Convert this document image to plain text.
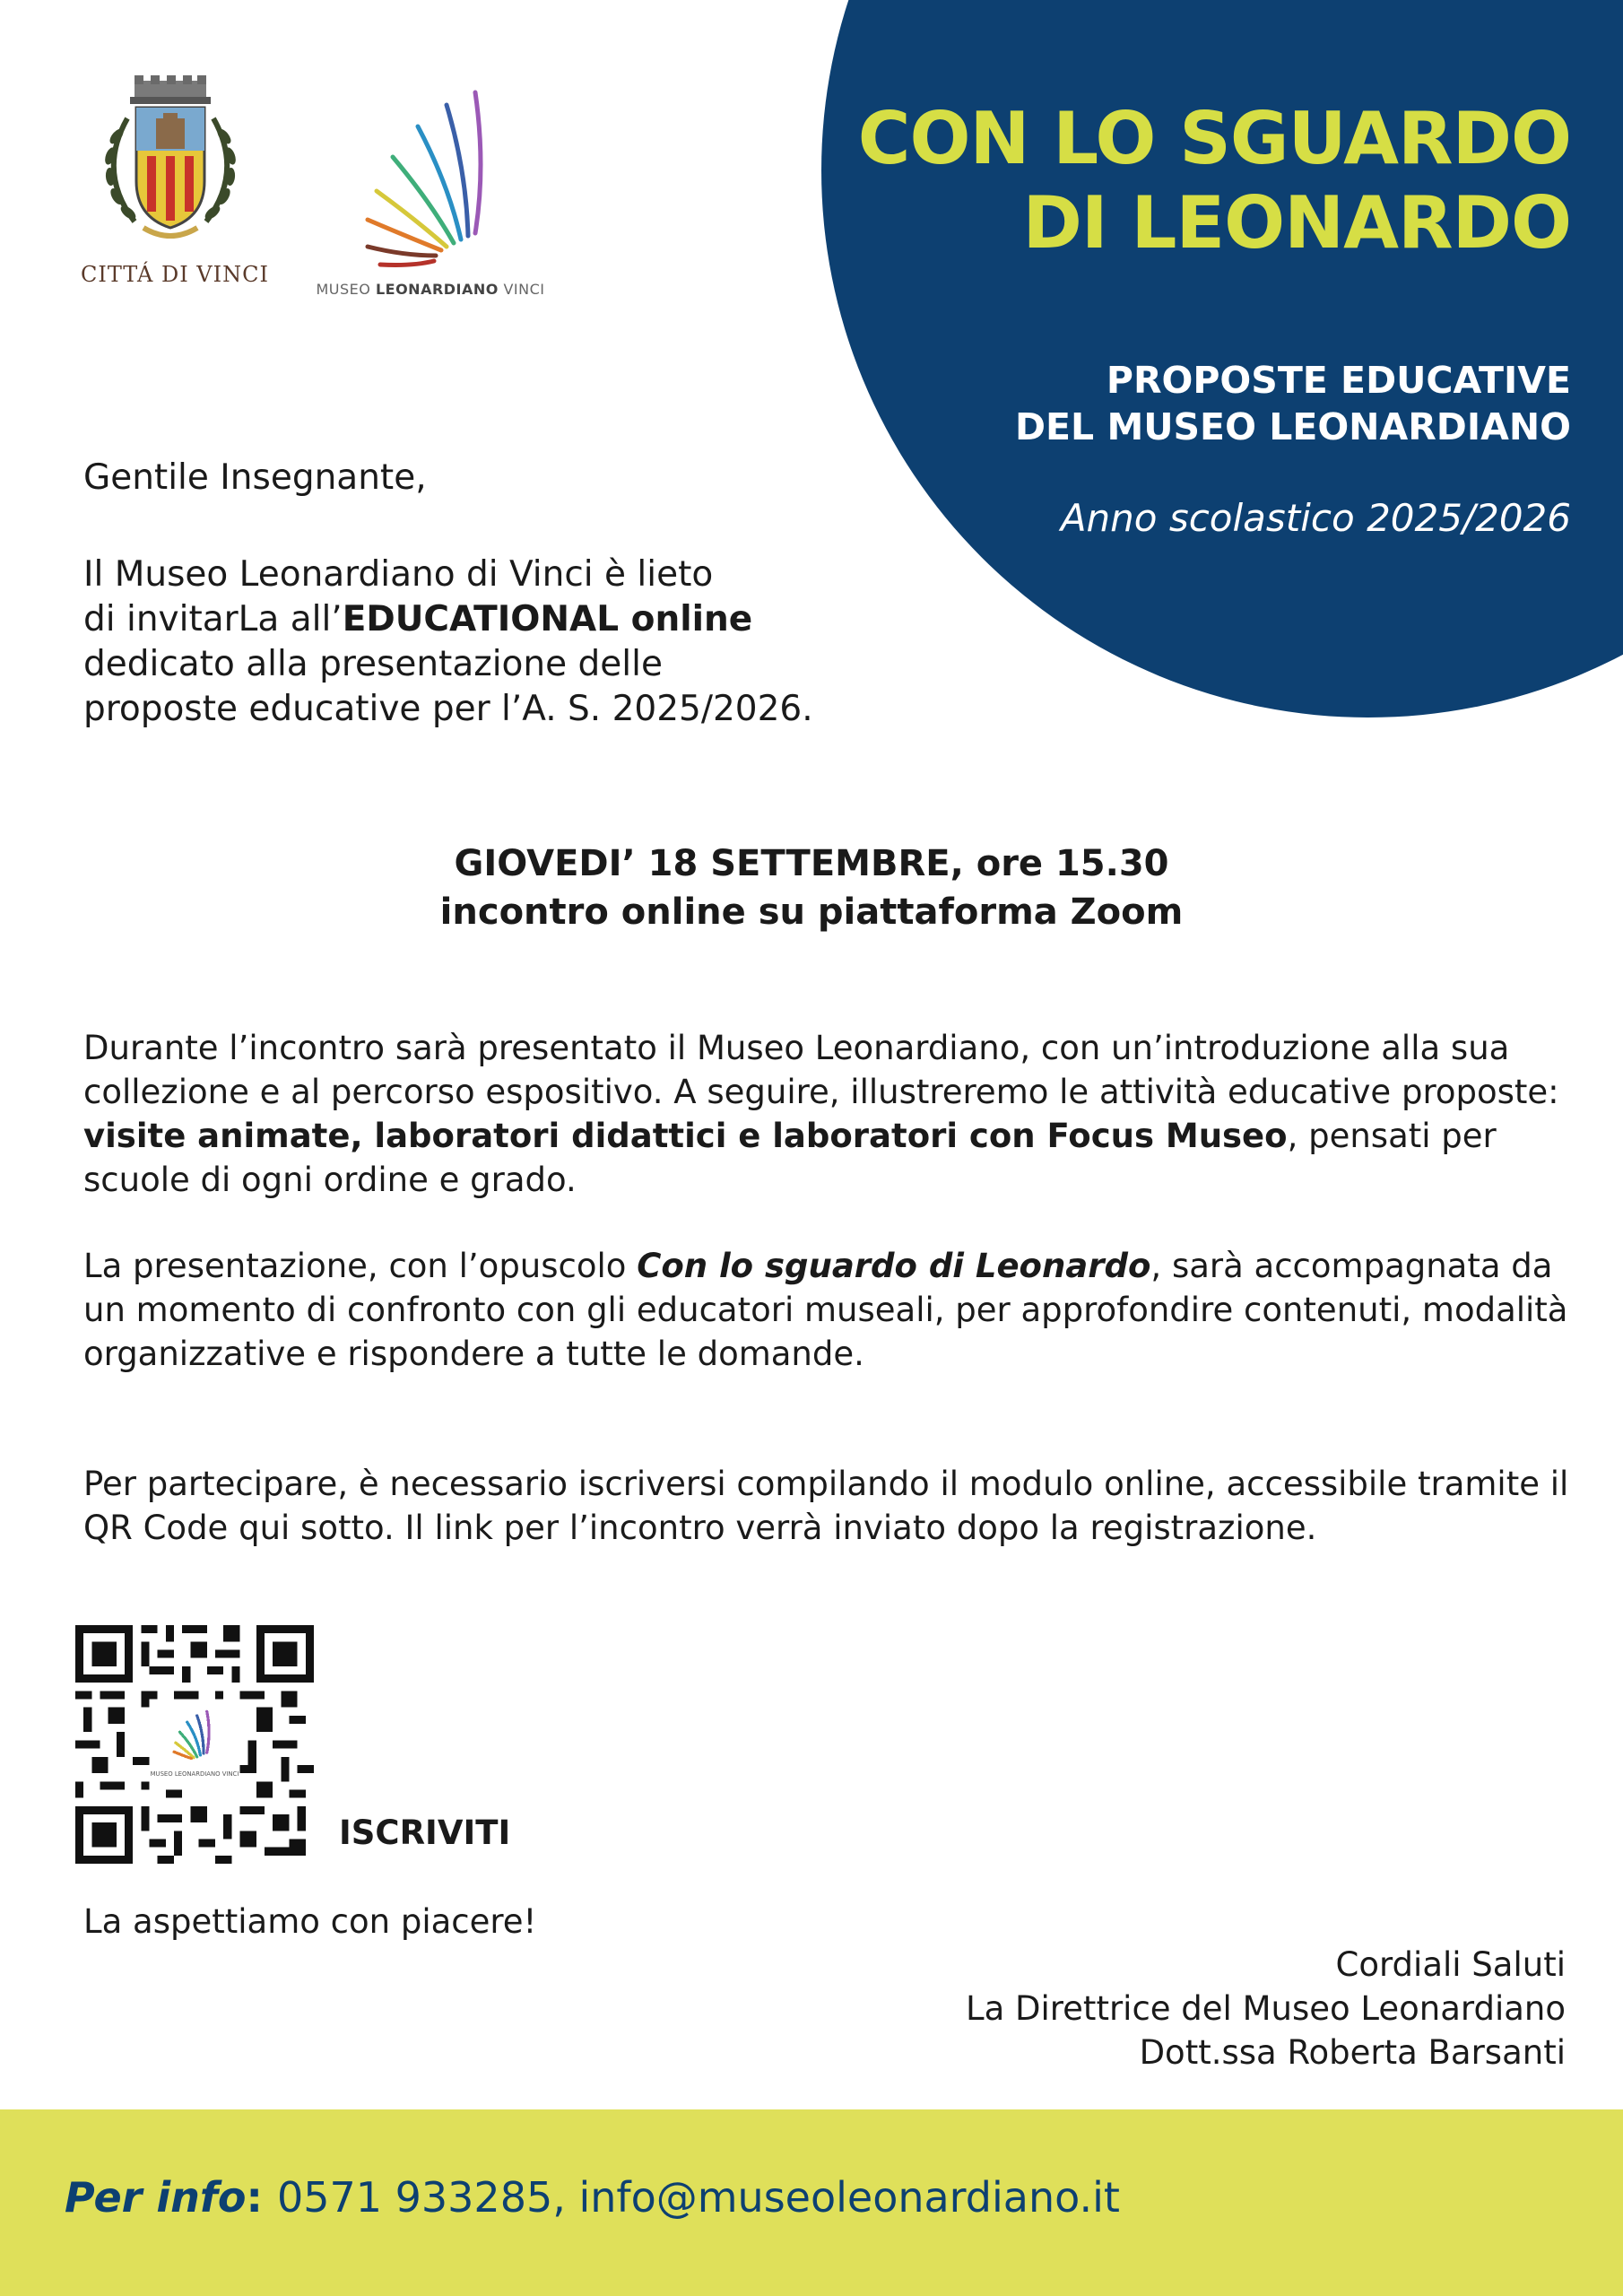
CON LO SGUARDO
DI LEONARDO

PROPOSTE EDUCATIVE
DEL MUSEO LEONARDIANO

Anno scolastico 2025/2026

CITTÁ DI VINCI
MUSEO LEONARDIANO VINCI

Gentile Insegnante,

Il Museo Leonardiano di Vinci è lieto
di invitarLa all’EDUCATIONAL online
dedicato alla presentazione delle
proposte educative per l’A. S. 2025/2026.

GIOVEDI’ 18 SETTEMBRE, ore 15.30
incontro online su piattaforma Zoom

Durante l’incontro sarà presentato il Museo Leonardiano, con un’introduzione alla sua collezione e al percorso espositivo. A seguire, illustreremo le attività educative proposte: visite animate, laboratori didattici e laboratori con Focus Museo, pensati per scuole di ogni ordine e grado.

La presentazione, con l’opuscolo Con lo sguardo di Leonardo, sarà accompagnata da un momento di confronto con gli educatori museali, per approfondire contenuti, modalità organizzative e rispondere a tutte le domande.

Per partecipare, è necessario iscriversi compilando il modulo online, accessibile tramite il QR Code qui sotto. Il link per l’incontro verrà inviato dopo la registrazione.

ISCRIVITI

La aspettiamo con piacere!

Cordiali Saluti
La Direttrice del Museo Leonardiano
Dott.ssa Roberta Barsanti

Per info: 0571 933285, info@museoleonardiano.it
